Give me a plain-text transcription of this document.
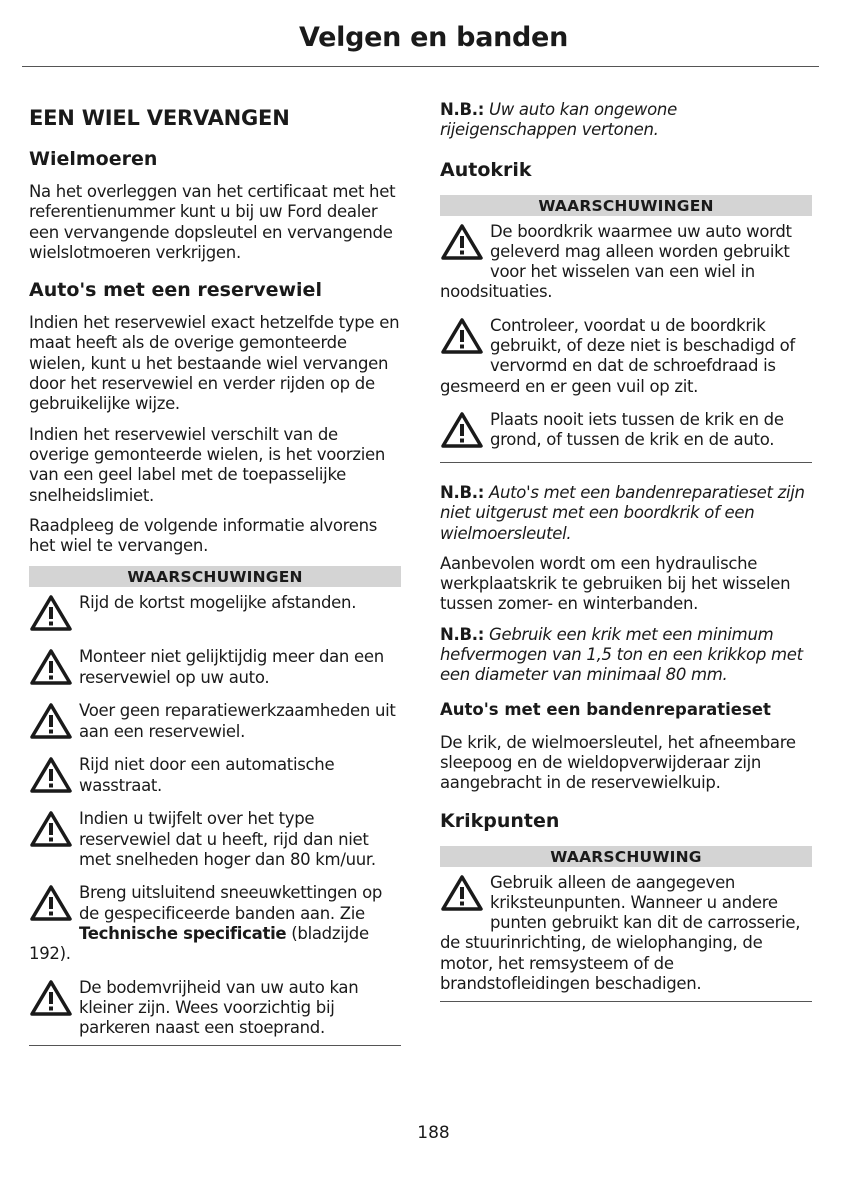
Velgen en banden
EEN WIEL VERVANGEN
Wielmoeren

Na het overleggen van het certificaat met het referentienummer kunt u bij uw Ford dealer een vervangende dopsleutel en vervangende wielslotmoeren verkrijgen.

Auto's met een reservewiel

Indien het reservewiel exact hetzelfde type en maat heeft als de overige gemonteerde wielen, kunt u het bestaande wiel vervangen door het reservewiel en verder rijden op de gebruikelijke wijze.

Indien het reservewiel verschilt van de overige gemonteerde wielen, is het voorzien van een geel label met de toepasselijke snelheidslimiet.

Raadpleeg de volgende informatie alvorens het wiel te vervangen.

WAARSCHUWINGEN
Rijd de kortst mogelijke afstanden.
Monteer niet gelijktijdig meer dan een reservewiel op uw auto.
Voer geen reparatiewerkzaamheden uit aan een reservewiel.
Rijd niet door een automatische wasstraat.
Indien u twijfelt over het type reservewiel dat u heeft, rijd dan niet met snelheden hoger dan 80 km/uur.
Breng uitsluitend sneeuwkettingen op de gespecificeerde banden aan. Zie Technische specificatie (bladzijde 192).
De bodemvrijheid van uw auto kan kleiner zijn. Wees voorzichtig bij parkeren naast een stoeprand.

N.B.: Uw auto kan ongewone rijeigenschappen vertonen.

Autokrik
WAARSCHUWINGEN
De boordkrik waarmee uw auto wordt geleverd mag alleen worden gebruikt voor het wisselen van een wiel in noodsituaties.
Controleer, voordat u de boordkrik gebruikt, of deze niet is beschadigd of vervormd en dat de schroefdraad is gesmeerd en er geen vuil op zit.
Plaats nooit iets tussen de krik en de grond, of tussen de krik en de auto.

N.B.: Auto's met een bandenreparatieset zijn niet uitgerust met een boordkrik of een wielmoersleutel.

Aanbevolen wordt om een hydraulische werkplaatskrik te gebruiken bij het wisselen tussen zomer- en winterbanden.

N.B.: Gebruik een krik met een minimum hefvermogen van 1,5 ton en een krikkop met een diameter van minimaal 80 mm.

Auto's met een bandenreparatieset

De krik, de wielmoersleutel, het afneembare sleepoog en de wieldopverwijderaar zijn aangebracht in de reservewielkuip.

Krikpunten
WAARSCHUWING
Gebruik alleen de aangegeven kriksteunpunten. Wanneer u andere punten gebruikt kan dit de carrosserie, de stuurinrichting, de wielophanging, de motor, het remsysteem of de brandstofleidingen beschadigen.
188
